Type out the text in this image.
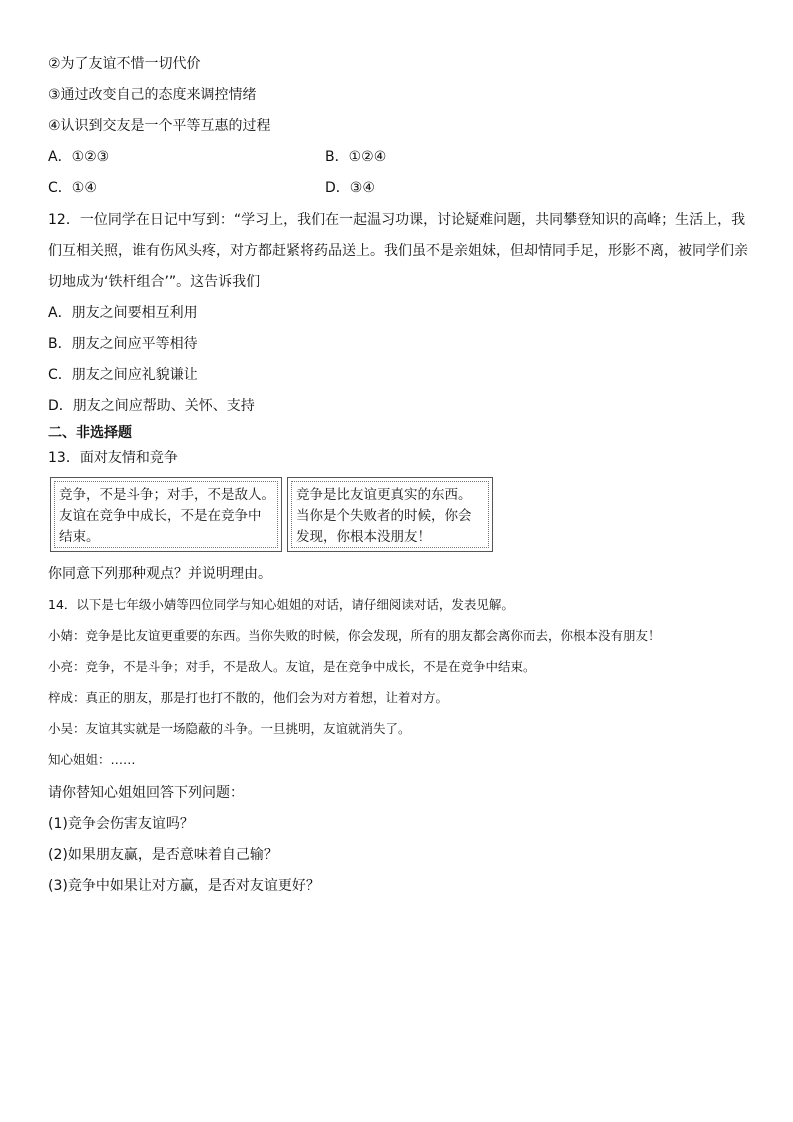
②为了友谊不惜一切代价
③通过改变自己的态度来调控情绪
④认识到交友是一个平等互惠的过程
A．①②③	B．①②④
C．①④	D．③④
12．一位同学在日记中写到：“学习上，我们在一起温习功课，讨论疑难问题，共同攀登知识的高峰；生活上，我
们互相关照，谁有伤风头疼，对方都赶紧将药品送上。我们虽不是亲姐妹，但却情同手足，形影不离，被同学们亲
切地成为‘铁杆组合’”。这告诉我们
A．朋友之间要相互利用
B．朋友之间应平等相待
C．朋友之间应礼貌谦让
D．朋友之间应帮助、关怀、支持
二、非选择题
13．面对友情和竞争
竞争，不是斗争；对手，不是敌人。
友谊在竞争中成长，不是在竞争中
结束。
竞争是比友谊更真实的东西。
当你是个失败者的时候，你会
发现，你根本没朋友！
你同意下列那种观点？并说明理由。
14．以下是七年级小婧等四位同学与知心姐姐的对话，请仔细阅读对话，发表见解。
小婧：竞争是比友谊更重要的东西。当你失败的时候，你会发现，所有的朋友都会离你而去，你根本没有朋友！
小亮：竞争，不是斗争；对手，不是敌人。友谊，是在竞争中成长，不是在竞争中结束。
梓成：真正的朋友，那是打也打不散的，他们会为对方着想，让着对方。
小吴：友谊其实就是一场隐蔽的斗争。一旦挑明，友谊就消失了。
知心姐姐：……
请你替知心姐姐回答下列问题：
(1)竞争会伤害友谊吗？
(2)如果朋友赢，是否意味着自己输？
(3)竞争中如果让对方赢，是否对友谊更好？
